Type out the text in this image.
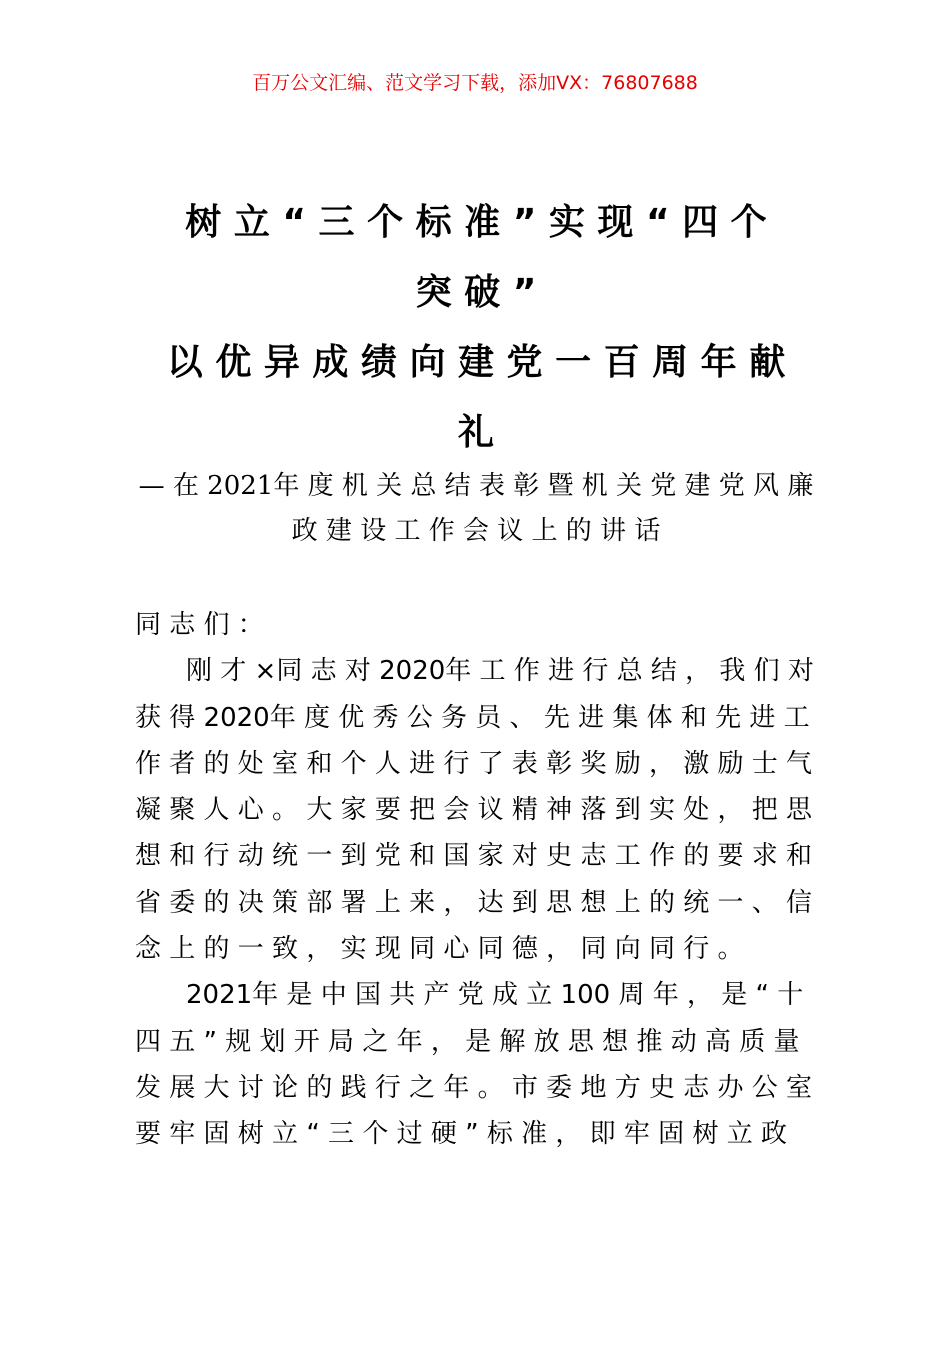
百万公文汇编、范文学习下载，添加VX：76807688
树 立 “ 三 个 标 准 ” 实 现 “ 四 个
突 破 ”
以 优 异 成 绩 向 建 党 一 百 周 年 献
礼
— 在 2021年 度 机 关 总 结 表 彰 暨 机 关 党 建 党 风 廉
政 建 设 工 作 会 议 上 的 讲 话
同 志 们 ：
刚 才 ×同 志 对 2020年 工 作 进 行 总 结 ， 我 们 对
获 得 2020年 度 优 秀 公 务 员 、 先 进 集 体 和 先 进 工
作 者 的 处 室 和 个 人 进 行 了 表 彰 奖 励 ， 激 励 士 气
凝 聚 人 心 。 大 家 要 把 会 议 精 神 落 到 实 处 ， 把 思
想 和 行 动 统 一 到 党 和 国 家 对 史 志 工 作 的 要 求 和
省 委 的 决 策 部 署 上 来 ， 达 到 思 想 上 的 统 一 、 信
念 上 的 一 致 ， 实 现 同 心 同 德 ， 同 向 同 行 。
2021年 是 中 国 共 产 党 成 立 100 周 年 ， 是 “ 十
四 五 ” 规 划 开 局 之 年 ， 是 解 放 思 想 推 动 高 质 量
发 展 大 讨 论 的 践 行 之 年 。 市 委 地 方 史 志 办 公 室
要 牢 固 树 立 “ 三 个 过 硬 ” 标 准 ， 即 牢 固 树 立 政
